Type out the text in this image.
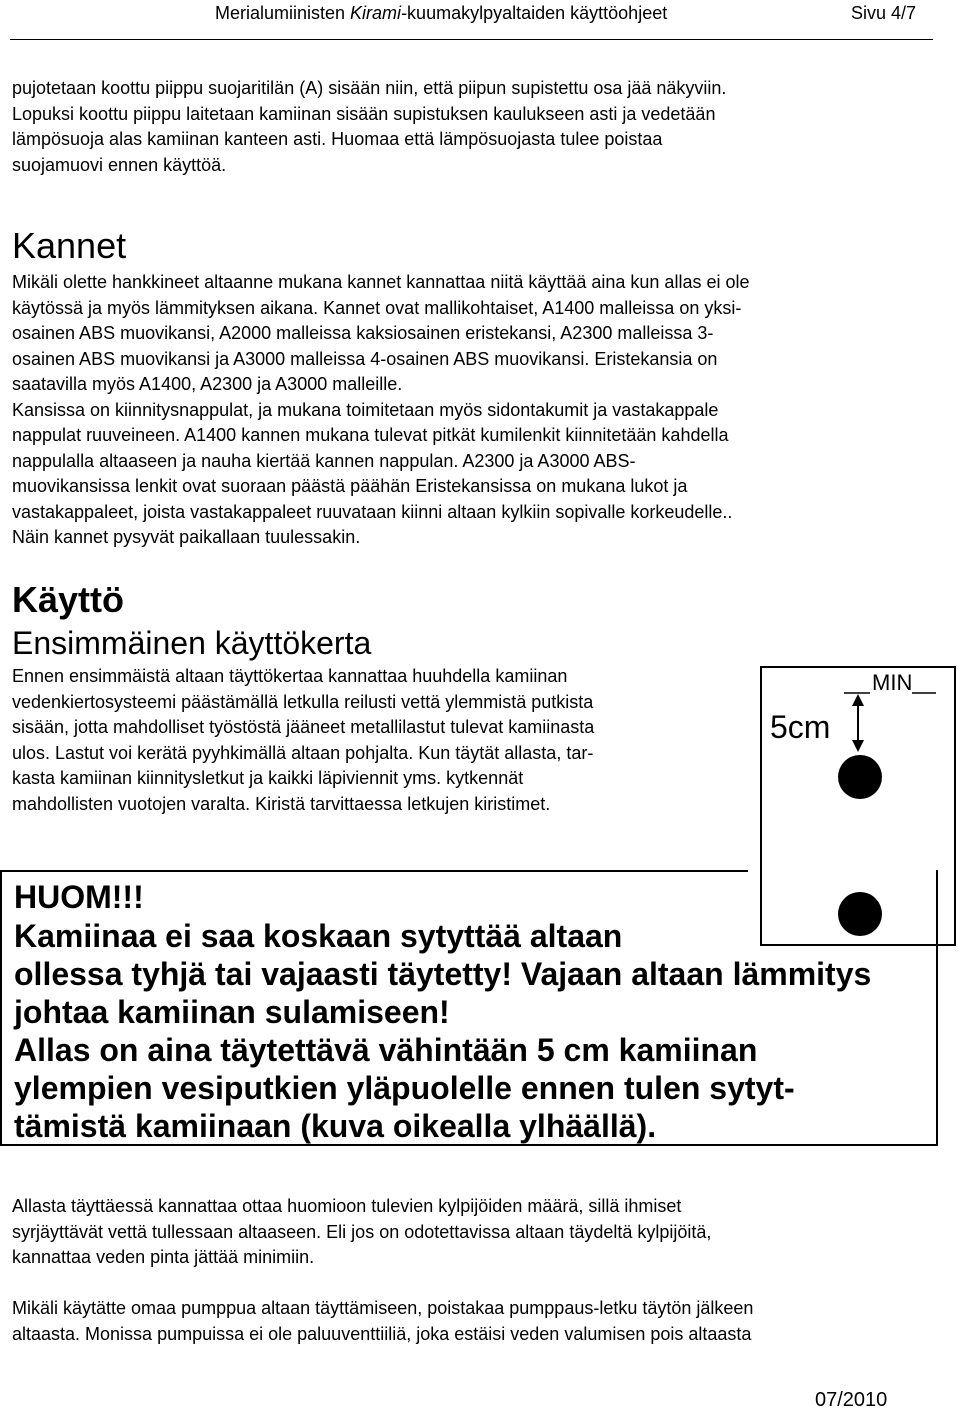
Merialumiinisten Kirami-kuumakylpyaltaiden käyttöohjeet	Sivu 4/7
pujotetaan koottu piippu suojaritilän (A) sisään niin, että piipun supistettu osa jää näkyviin.
Lopuksi koottu piippu laitetaan kamiinan sisään supistuksen kaulukseen asti ja vedetään
lämpösuoja alas kamiinan kanteen asti. Huomaa että lämpösuojasta tulee poistaa
suojamuovi ennen käyttöä.
Kannet
Mikäli olette hankkineet altaanne mukana kannet kannattaa niitä käyttää aina kun allas ei ole
käytössä ja myös lämmityksen aikana. Kannet ovat mallikohtaiset, A1400 malleissa on yksi-
osainen ABS muovikansi, A2000 malleissa kaksiosainen eristekansi, A2300 malleissa 3-
osainen ABS muovikansi ja A3000 malleissa 4-osainen ABS muovikansi. Eristekansia on
saatavilla myös A1400, A2300 ja A3000 malleille.
Kansissa on kiinnitysnappulat, ja mukana toimitetaan myös sidontakumit ja vastakappale
nappulat ruuveineen. A1400 kannen mukana tulevat pitkät kumilenkit kiinnitetään kahdella
nappulalla altaaseen ja nauha kiertää kannen nappulan. A2300 ja A3000 ABS-
muovikansissa lenkit ovat suoraan päästä päähän Eristekansissa on mukana lukot ja
vastakappaleet, joista vastakappaleet ruuvataan kiinni altaan kylkiin sopivalle korkeudelle..
Näin kannet pysyvät paikallaan tuulessakin.
Käyttö
Ensimmäinen käyttökerta
Ennen ensimmäistä altaan täyttökertaa kannattaa huuhdella kamiinan
vedenkiertosysteemi päästämällä letkulla reilusti vettä ylemmistä putkista
sisään, jotta mahdolliset työstöstä jääneet metallilastut tulevat kamiinasta
ulos. Lastut voi kerätä pyyhkimällä altaan pohjalta. Kun täytät allasta, tar-
kasta kamiinan kiinnitysletkut ja kaikki läpiviennit yms. kytkennät
mahdollisten vuotojen varalta. Kiristä tarvittaessa letkujen kiristimet.
MIN
5cm
HUOM!!!
Kamiinaa ei saa koskaan sytyttää altaan
ollessa tyhjä tai vajaasti täytetty! Vajaan altaan lämmitys
johtaa kamiinan sulamiseen!
Allas on aina täytettävä vähintään 5 cm kamiinan
ylempien vesiputkien yläpuolelle ennen tulen sytyt-
tämistä kamiinaan (kuva oikealla ylhäällä).
Allasta täyttäessä kannattaa ottaa huomioon tulevien kylpijöiden määrä, sillä ihmiset
syrjäyttävät vettä tullessaan altaaseen. Eli jos on odotettavissa altaan täydeltä kylpijöitä,
kannattaa veden pinta jättää minimiin.
Mikäli käytätte omaa pumppua altaan täyttämiseen, poistakaa pumppaus-letku täytön jälkeen
altaasta. Monissa pumpuissa ei ole paluuventtiiliä, joka estäisi veden valumisen pois altaasta
07/2010
